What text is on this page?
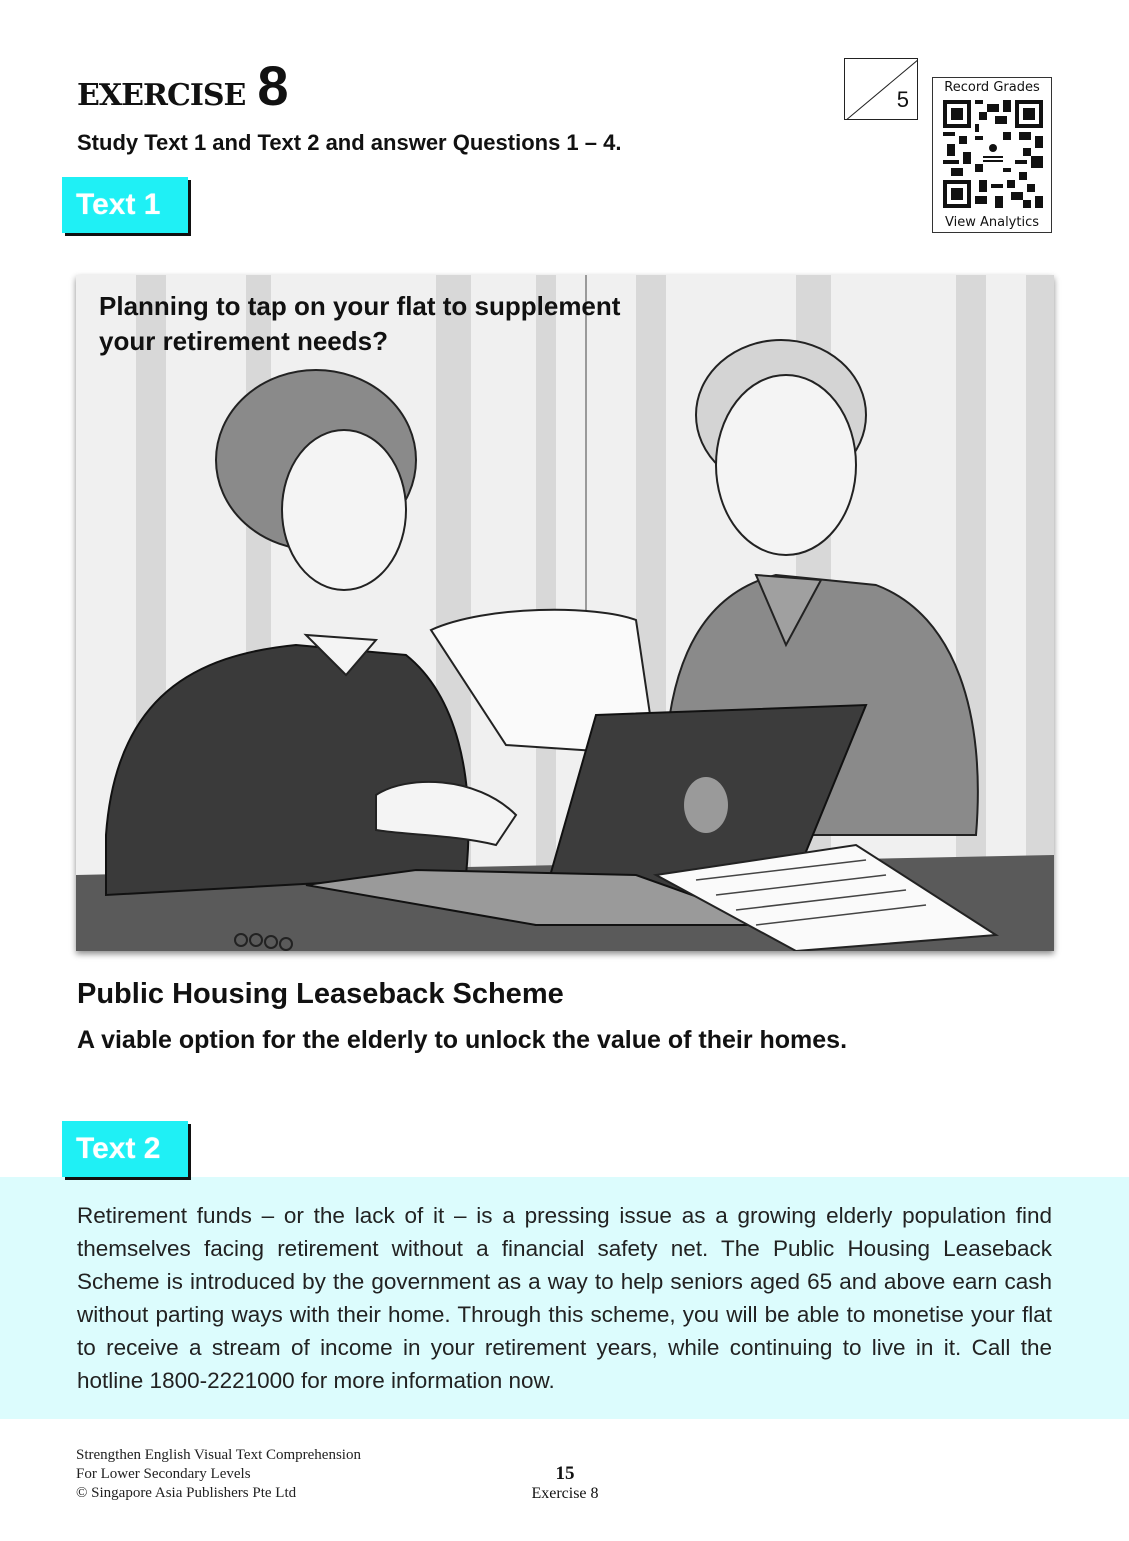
EXERCISE 8
Study Text 1 and Text 2 and answer Questions 1 – 4.
5	Record Grades
View Analytics
Text 1
Planning to tap on your flat to supplement
your retirement needs?
Public Housing Leaseback Scheme
A viable option for the elderly to unlock the value of their homes.
Text 2
Retirement funds – or the lack of it – is a pressing issue as a growing elderly population find themselves facing retirement without a financial safety net. The Public Housing Leaseback Scheme is introduced by the government as a way to help seniors aged 65 and above earn cash without parting ways with their home. Through this scheme, you will be able to monetise your flat to receive a stream of income in your retirement years, while continuing to live in it. Call the hotline 1800-2221000 for more information now.
Strengthen English Visual Text Comprehension
For Lower Secondary Levels
© Singapore Asia Publishers Pte Ltd
15
Exercise 8
